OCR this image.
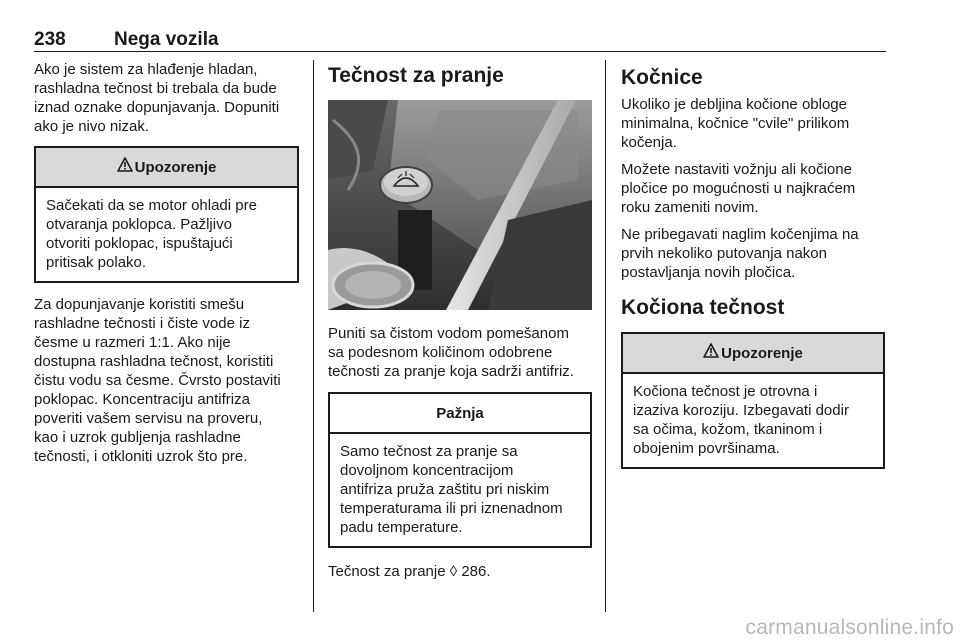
238	Nega vozila

Ako je sistem za hlađenje hladan,
rashladna tečnost bi trebala da bude
iznad oznake dopunjavanja. Dopuniti
ako je nivo nizak.

Upozorenje
Sačekati da se motor ohladi pre
otvaranja poklopca. Pažljivo
otvoriti poklopac, ispuštajući
pritisak polako.

Za dopunjavanje koristiti smešu
rashladne tečnosti i čiste vode iz
česme u razmeri 1:1. Ako nije
dostupna rashladna tečnost, koristiti
čistu vodu sa česme. Čvrsto postaviti
poklopac. Koncentraciju antifriza
poveriti vašem servisu na proveru,
kao i uzrok gubljenja rashladne
tečnosti, i otkloniti uzrok što pre.

Tečnost za pranje

Puniti sa čistom vodom pomešanom
sa podesnom količinom odobrene
tečnosti za pranje koja sadrži antifriz.

Pažnja
Samo tečnost za pranje sa
dovoljnom koncentracijom
antifriza pruža zaštitu pri niskim
temperaturama ili pri iznenadnom
padu temperature.

Tečnost za pranje ◊ 286.

Kočnice

Ukoliko je debljina kočione obloge
minimalna, kočnice "cvile" prilikom
kočenja.

Možete nastaviti vožnju ali kočione
pločice po mogućnosti u najkraćem
roku zameniti novim.

Ne pribegavati naglim kočenjima na
prvih nekoliko putovanja nakon
postavljanja novih pločica.

Kočiona tečnost
Upozorenje
Kočiona tečnost je otrovna i
izaziva koroziju. Izbegavati dodir
sa očima, kožom, tkaninom i
obojenim površinama.
carmanualsonline.info
